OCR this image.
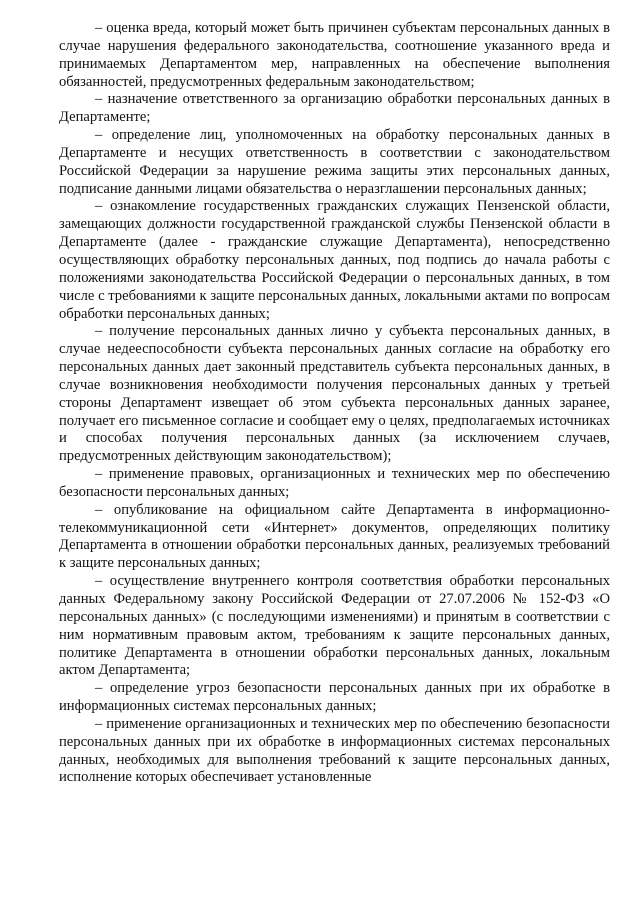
– оценка вреда, который может быть причинен субъектам персональных данных в случае нарушения федерального законодательства, соотношение указанного вреда и принимаемых Департаментом мер, направленных на обеспечение выполнения обязанностей, предусмотренных федеральным законодательством;

– назначение ответственного за организацию обработки персональных данных в Департаменте;

– определение лиц, уполномоченных на обработку персональных данных в Департаменте и несущих ответственность в соответствии с законодательством Российской Федерации за нарушение режима защиты этих персональных данных, подписание данными лицами обязательства о неразглашении персональных данных;

– ознакомление государственных гражданских служащих Пензенской области, замещающих должности государственной гражданской службы Пензенской области в Департаменте (далее - гражданские служащие Департамента), непосредственно осуществляющих обработку персональных данных, под подпись до начала работы с положениями законодательства Российской Федерации о персональных данных, в том числе с требованиями к защите персональных данных, локальными актами по вопросам обработки персональных данных;

– получение персональных данных лично у субъекта персональных данных, в случае недееспособности субъекта персональных данных согласие на обработку его персональных данных дает законный представитель субъекта персональных данных, в случае возникновения необходимости получения персональных данных у третьей стороны Департамент извещает об этом субъекта персональных данных заранее, получает его письменное согласие и сообщает ему о целях, предполагаемых источниках и способах получения персональных данных (за исключением случаев, предусмотренных действующим законодательством);

– применение правовых, организационных и технических мер по обеспечению безопасности персональных данных;

– опубликование на официальном сайте Департамента в информационно-телекоммуникационной сети «Интернет» документов, определяющих политику Департамента в отношении обработки персональных данных, реализуемых требований к защите персональных данных;

– осуществление внутреннего контроля соответствия обработки персональных данных Федеральному закону Российской Федерации от 27.07.2006 № 152-ФЗ «О персональных данных» (с последующими изменениями) и принятым в соответствии с ним нормативным правовым актом, требованиям к защите персональных данных, политике Департамента в отношении обработки персональных данных, локальным актом Департамента;

– определение угроз безопасности персональных данных при их обработке в информационных системах персональных данных;

– применение организационных и технических мер по обеспечению безопасности персональных данных при их обработке в информационных системах персональных данных, необходимых для выполнения требований к защите персональных данных, исполнение которых обеспечивает установленные
